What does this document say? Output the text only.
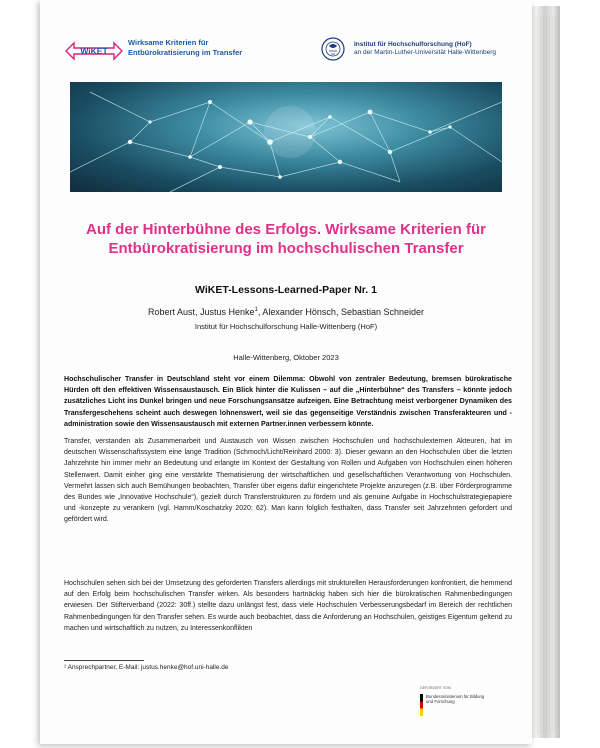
WiKET
Wirksame Kriterien für
Entbürokratisierung im Transfer
Institut für Hochschulforschung (HoF)
an der Martin-Luther-Universität Halle-Wittenberg
Auf der Hinterbühne des Erfolgs. Wirksame Kriterien für Entbürokratisierung im hochschulischen Transfer
WiKET-Lessons-Learned-Paper Nr. 1
Robert Aust, Justus Henke$^1$, Alexander Hönsch, Sebastian Schneider
Institut für Hochschulforschung Halle-Wittenberg (HoF)
Halle-Wittenberg, Oktober 2023
Hochschulischer Transfer in Deutschland steht vor einem Dilemma: Obwohl von zentraler Bedeutung, bremsen bürokratische Hürden oft den effektiven Wissensaustausch. Ein Blick hinter die Kulissen – auf die „Hinterbühne“ des Transfers – könnte jedoch zusätzliches Licht ins Dunkel bringen und neue Forschungsansätze aufzeigen. Eine Betrachtung meist verborgener Dynamiken des Transfergeschehens scheint auch deswegen lohnenswert, weil sie das gegenseitige Verständnis zwischen Transferakteuren und -administration sowie den Wissensaustausch mit externen Partner.innen verbessern könnte.
Transfer, verstanden als Zusammenarbeit und Austausch von Wissen zwischen Hochschulen und hochschulexternen Akteuren, hat im deutschen Wissenschaftssystem eine lange Tradition (Schmoch/Licht/Reinhard 2000: 3). Dieser gewann an den Hochschulen über die letzten Jahrzehnte hin immer mehr an Bedeutung und erlangte im Kontext der Gestaltung von Rollen und Aufgaben von Hochschulen einen höheren Stellenwert. Damit einher ging eine verstärkte Thematisierung der wirtschaftlichen und gesellschaftlichen Verantwortung von Hochschulen. Vermehrt lassen sich auch Bemühungen beobachten, Transfer über eigens dafür eingerichtete Projekte anzuregen (z.B. über Förderprogramme des Bundes wie „Innovative Hochschule“), gezielt durch Transferstrukturen zu fördern und als genuine Aufgabe in Hochschulstrategiepapiere und -konzepte zu verankern (vgl. Hamm/Koschatzky 2020: 62). Man kann folglich festhalten, dass Transfer seit Jahrzehnten gefordert und gefördert wird.
Hochschulen sehen sich bei der Umsetzung des geforderten Transfers allerdings mit strukturellen Herausforderungen konfrontiert, die hemmend auf den Erfolg beim hochschulischen Transfer wirken. Als besonders hartnäckig haben sich hier die bürokratischen Rahmenbedingungen erwiesen. Der Stifterverband (2022: 30ff.) stellte dazu unlängst fest, dass viele Hochschulen Verbesserungsbedarf im Bereich der rechtlichen Rahmenbedingungen für den Transfer sehen. Es wurde auch beobachtet, dass die Anforderung an Hochschulen, geistiges Eigentum geltend zu machen und wirtschaftlich zu nutzen, zu Interessenkonflikten
¹ Ansprechpartner, E-Mail: justus.henke@hof.uni-halle.de
GEFÖRDERT VOM
Bundesministerium für Bildung und Forschung
